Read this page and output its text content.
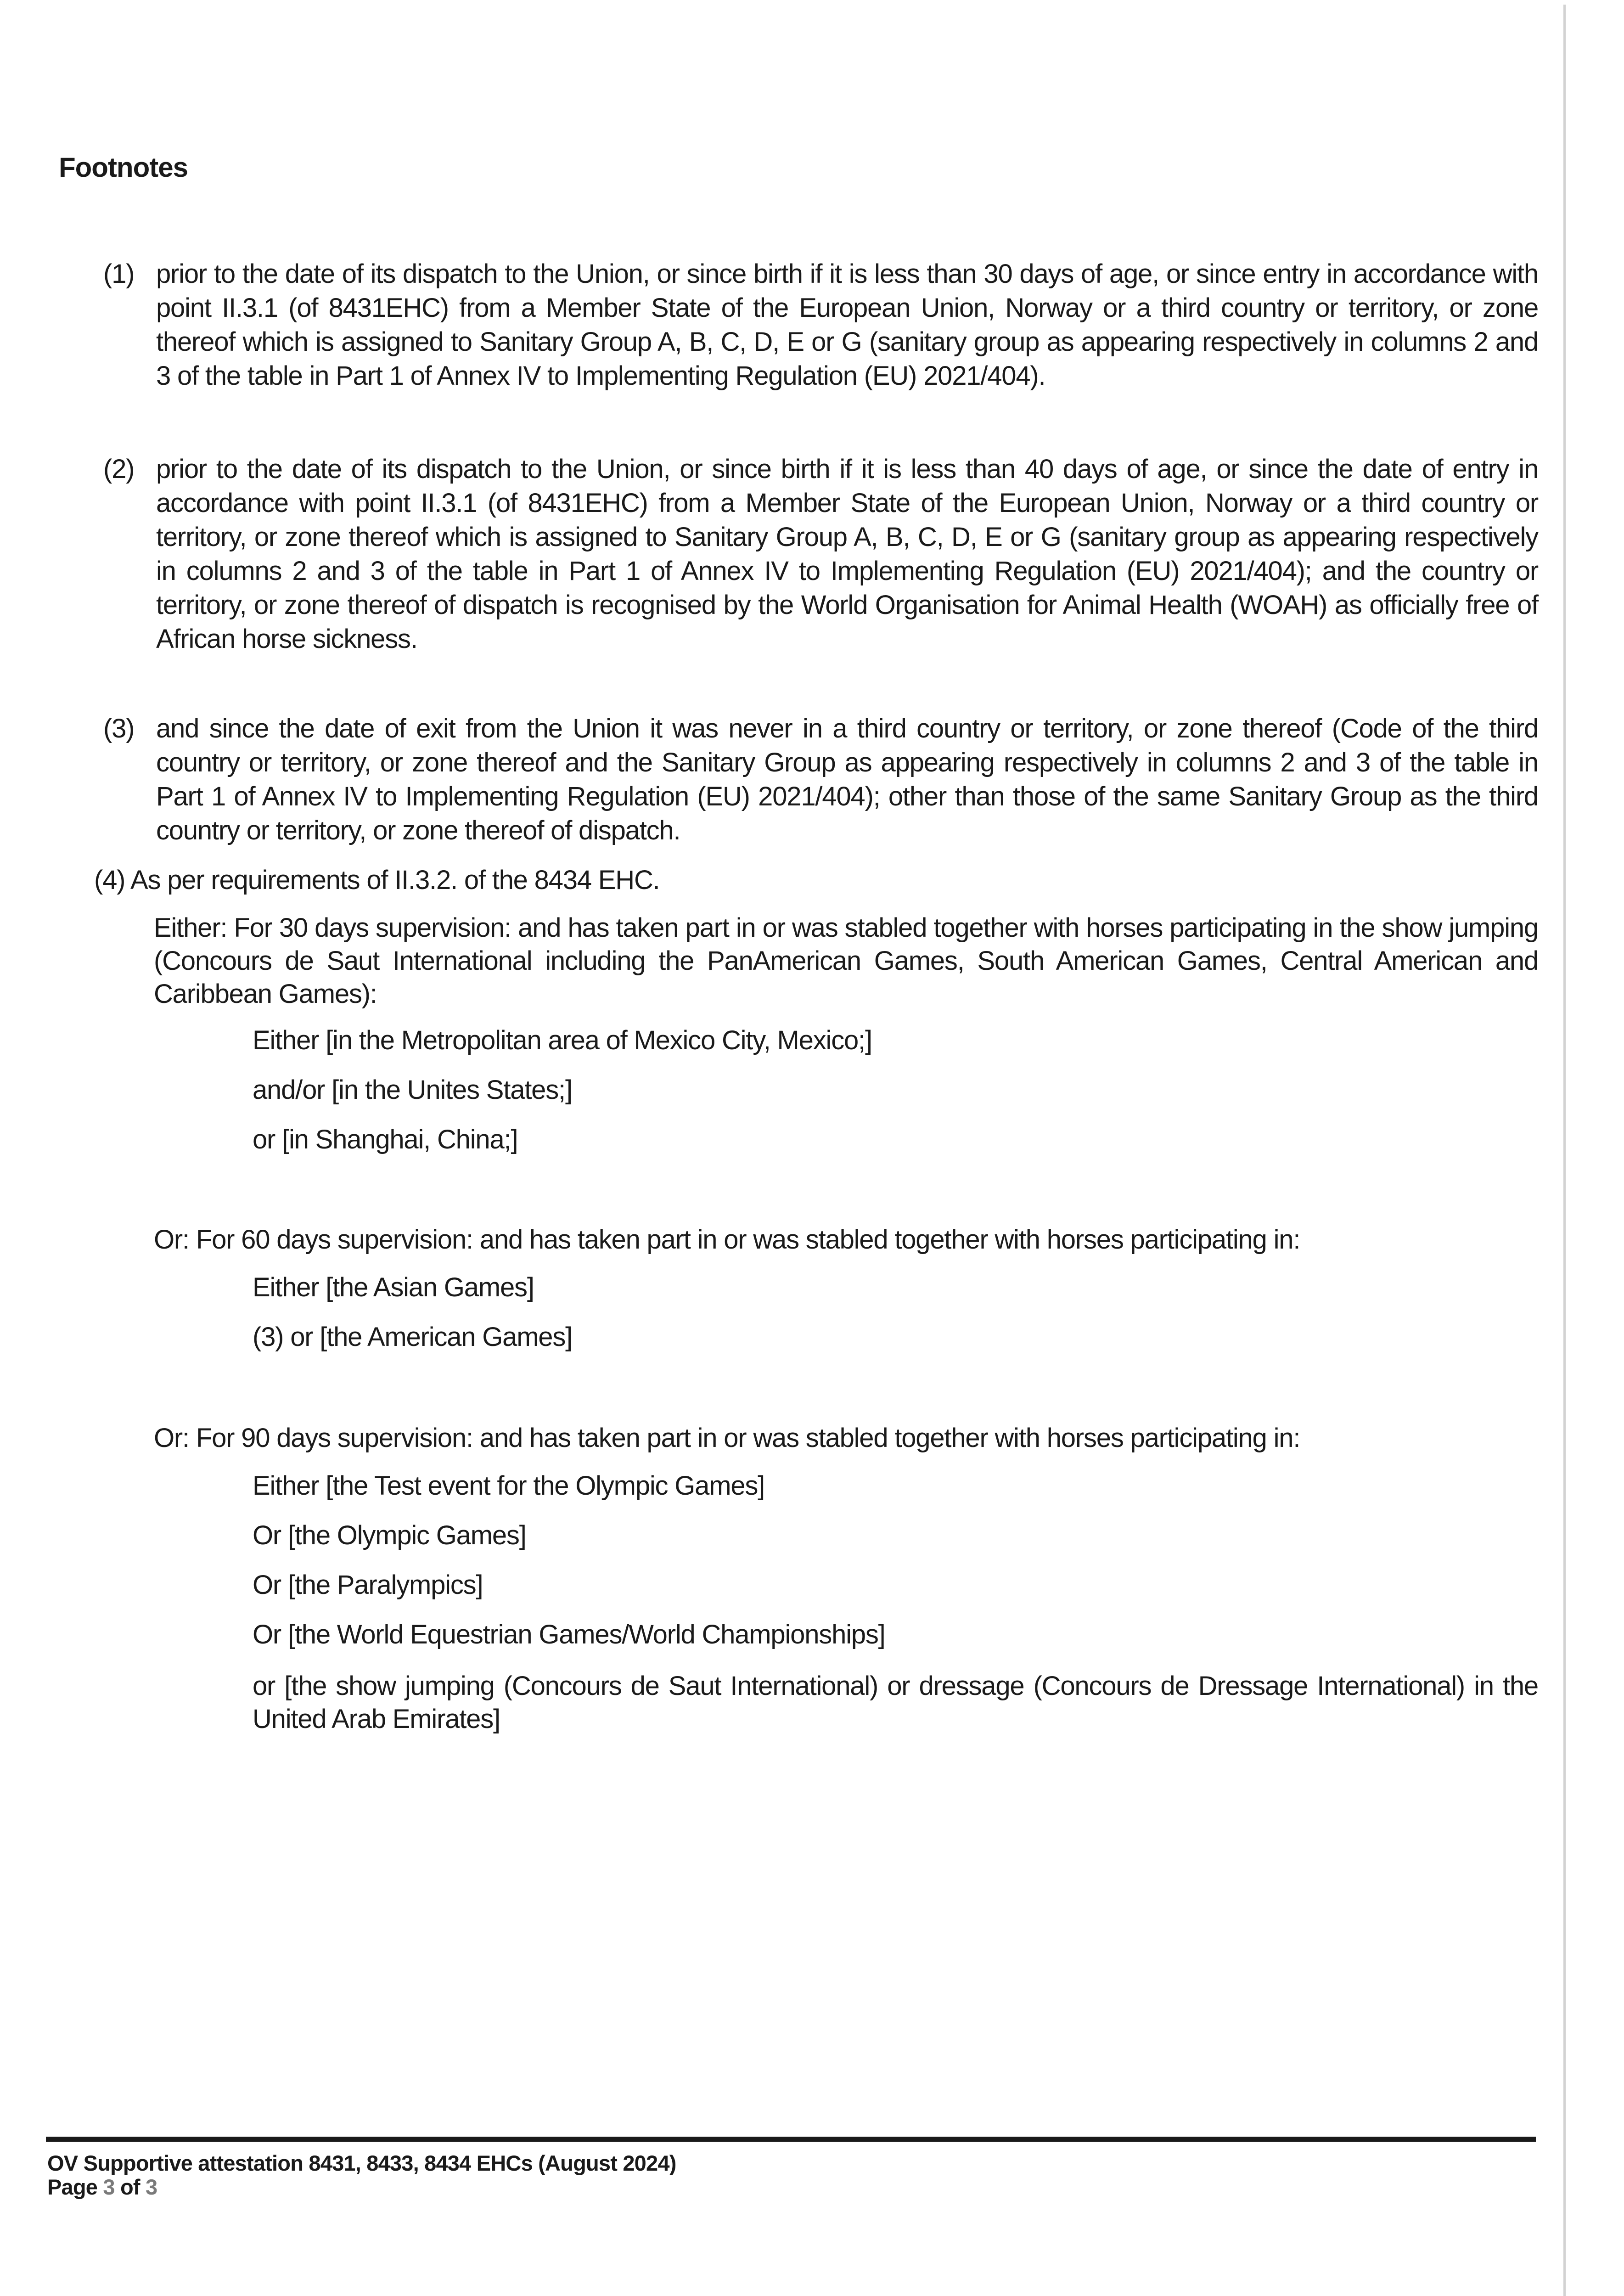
Footnotes
(1) prior to the date of its dispatch to the Union, or since birth if it is less than 30 days of age, or since entry in accordance with point II.3.1 (of 8431EHC) from a Member State of the European Union, Norway or a third country or territory, or zone thereof which is assigned to Sanitary Group A, B, C, D, E or G (sanitary group as appearing respectively in columns 2 and 3 of the table in Part 1 of Annex IV to Implementing Regulation (EU) 2021/404).
(2) prior to the date of its dispatch to the Union, or since birth if it is less than 40 days of age, or since the date of entry in accordance with point II.3.1 (of 8431EHC) from a Member State of the European Union, Norway or a third country or territory, or zone thereof which is assigned to Sanitary Group A, B, C, D, E or G (sanitary group as appearing respectively in columns 2 and 3 of the table in Part 1 of Annex IV to Implementing Regulation (EU) 2021/404); and the country or territory, or zone thereof of dispatch is recognised by the World Organisation for Animal Health (WOAH) as officially free of African horse sickness.
(3) and since the date of exit from the Union it was never in a third country or territory, or zone thereof (Code of the third country or territory, or zone thereof and the Sanitary Group as appearing respectively in columns 2 and 3 of the table in Part 1 of Annex IV to Implementing Regulation (EU) 2021/404); other than those of the same Sanitary Group as the third country or territory, or zone thereof of dispatch.
(4) As per requirements of II.3.2. of the 8434 EHC.
Either: For 30 days supervision: and has taken part in or was stabled together with horses participating in the show jumping (Concours de Saut International including the PanAmerican Games, South American Games, Central American and Caribbean Games):
Either [in the Metropolitan area of Mexico City, Mexico;]
and/or [in the Unites States;]
or [in Shanghai, China;]
Or: For 60 days supervision: and has taken part in or was stabled together with horses participating in:
Either [the Asian Games]
(3) or [the American Games]
Or: For 90 days supervision: and has taken part in or was stabled together with horses participating in:
Either [the Test event for the Olympic Games]
Or [the Olympic Games]
Or [the Paralympics]
Or [the World Equestrian Games/World Championships]
or [the show jumping (Concours de Saut International) or dressage (Concours de Dressage International) in the United Arab Emirates]
OV Supportive attestation 8431, 8433, 8434 EHCs (August 2024)
Page 3 of 3
